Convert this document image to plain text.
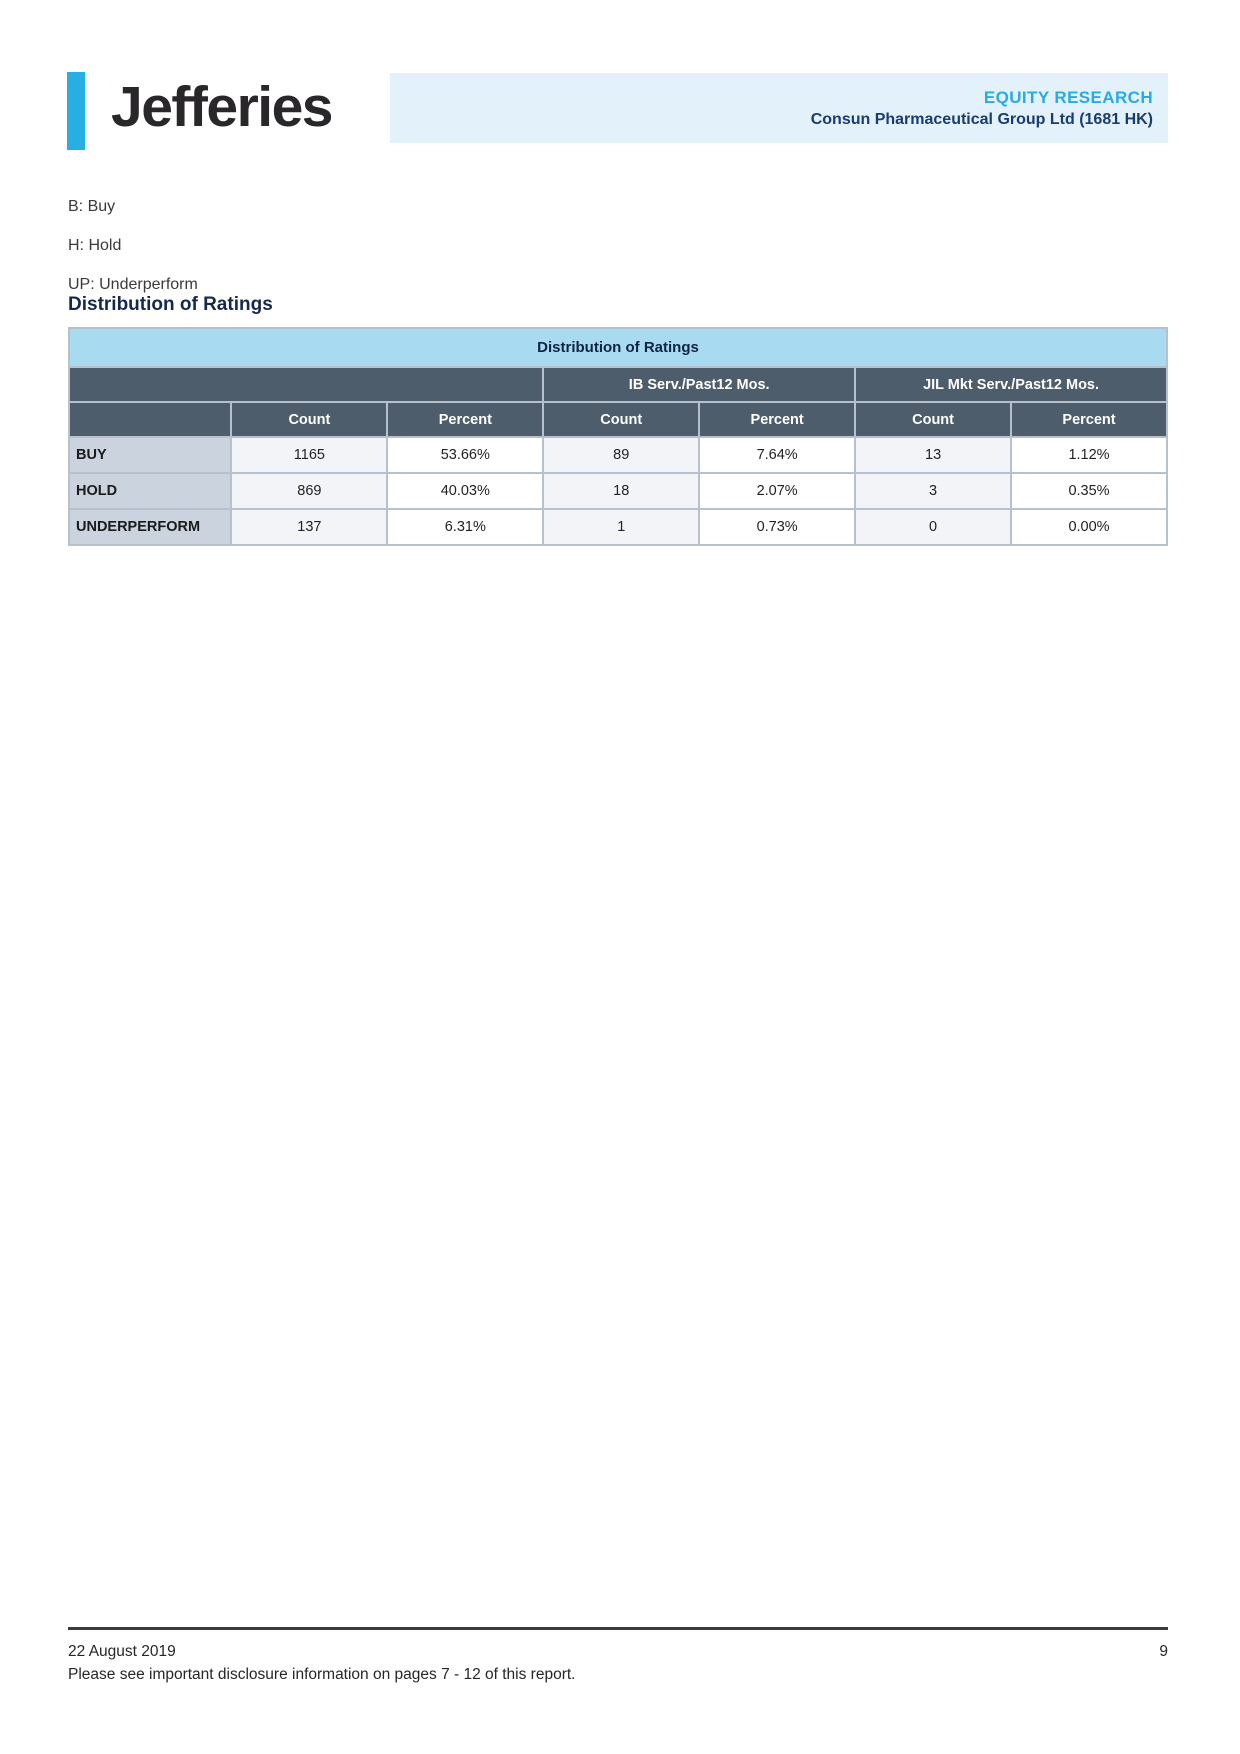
Jefferies	EQUITY RESEARCH
Consun Pharmaceutical Group Ltd (1681 HK)

B: Buy

H: Hold

UP: Underperform

Distribution of Ratings
Distribution of Ratings						
			IB Serv./Past12 Mos.		JIL Mkt Serv./Past12 Mos.	
	Count	Percent	Count	Percent	Count	Percent
BUY	1165	53.66%	89	7.64%	13	1.12%
HOLD	869	40.03%	18	2.07%	3	0.35%
UNDERPERFORM	137	6.31%	1	0.73%	0	0.00%
22 August 2019	9

Please see important disclosure information on pages 7 - 12 of this report.
